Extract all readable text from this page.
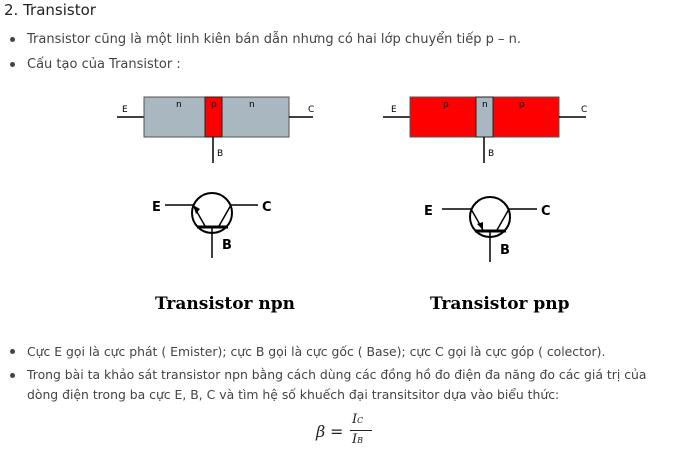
2. Transistor
Transistor cũng là một linh kiên bán dẫn nhưng có hai lớp chuyển tiếp p – n.
Cấu tạo của Transistor :
E	n	p	n	C
B
E	C
B
Transistor npn
E	p	n	p	C
B
E	C
B
Transistor pnp
Cực E gọi là cực phát ( Emister); cực B gọi là cực gốc ( Base); cực C gọi là cực góp ( colector).
Trong bài ta khảo sát transistor npn bằng cách dùng các đồng hồ đo điện đa năng đo các giá trị của dòng điện trong ba cực E, B, C và tìm hệ số khuếch đại transitsitor dựa vào biểu thức:
β =
IC
IB
